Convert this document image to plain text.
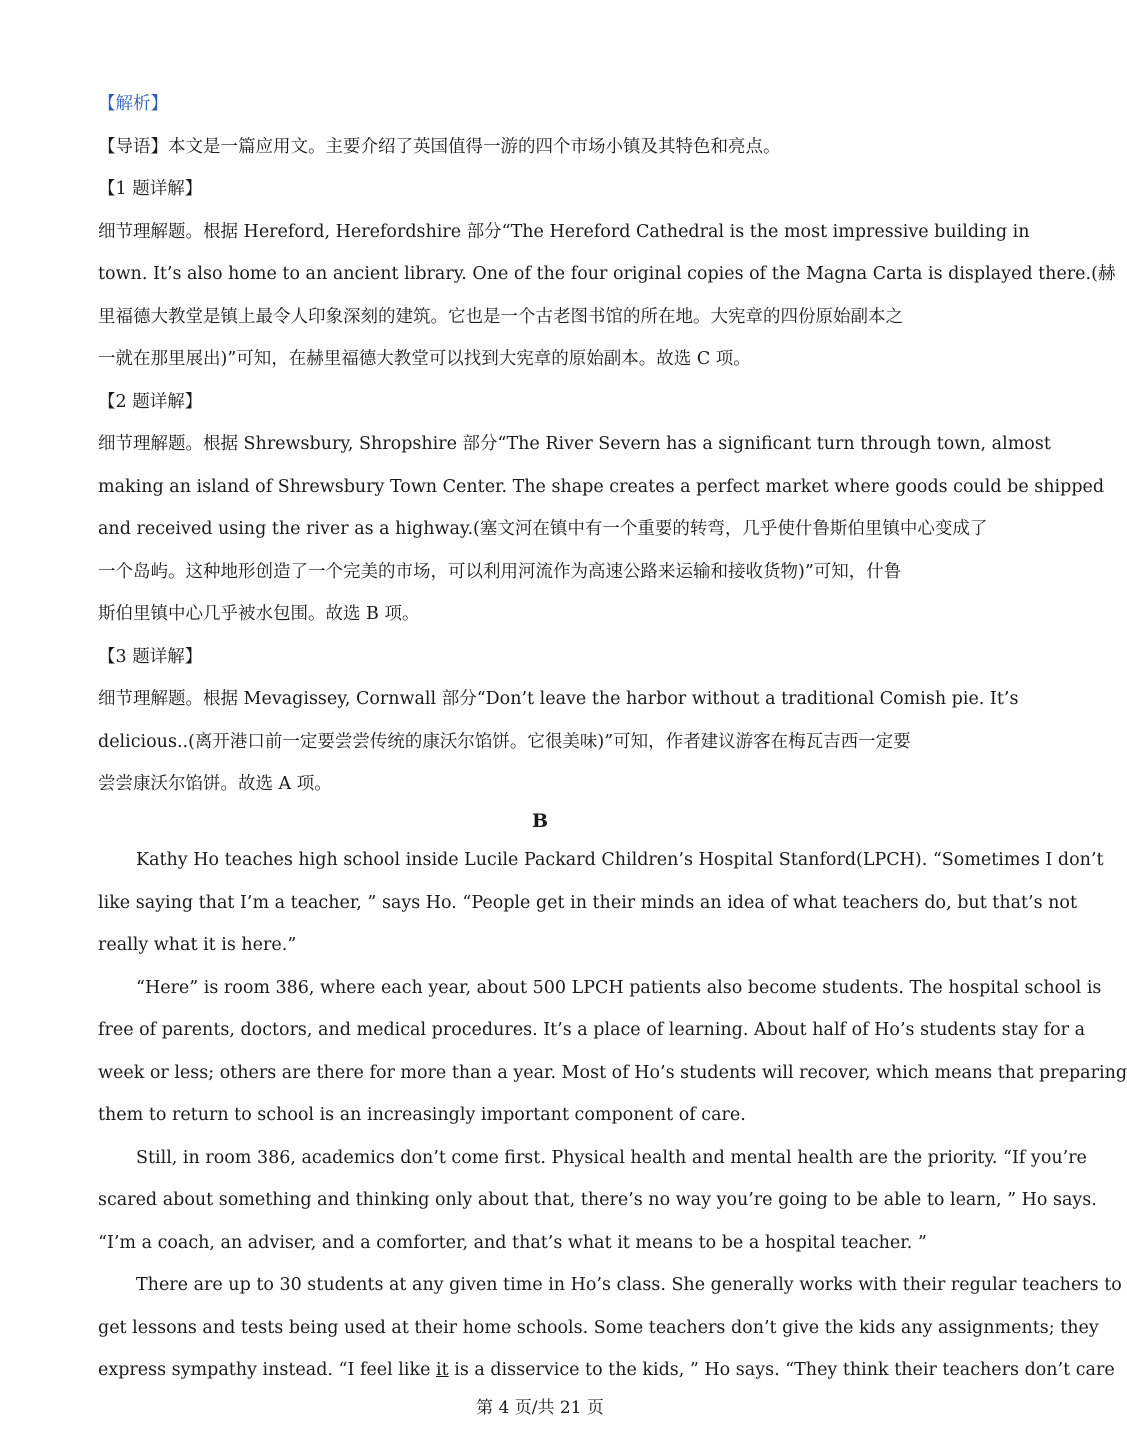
【解析】
【导语】本文是一篇应用文。主要介绍了英国值得一游的四个市场小镇及其特色和亮点。
【1 题详解】
细节理解题。根据 Hereford, Herefordshire 部分“The Hereford Cathedral is the most impressive building in
town. It’s also home to an ancient library. One of the four original copies of the Magna Carta is displayed there.(赫
里福德大教堂是镇上最令人印象深刻的建筑。它也是一个古老图书馆的所在地。大宪章的四份原始副本之
一就在那里展出)”可知，在赫里福德大教堂可以找到大宪章的原始副本。故选 C 项。
【2 题详解】
细节理解题。根据 Shrewsbury, Shropshire 部分“The River Severn has a significant turn through town, almost
making an island of Shrewsbury Town Center. The shape creates a perfect market where goods could be shipped
and received using the river as a highway.(塞文河在镇中有一个重要的转弯，几乎使什鲁斯伯里镇中心变成了
一个岛屿。这种地形创造了一个完美的市场，可以利用河流作为高速公路来运输和接收货物)”可知，什鲁
斯伯里镇中心几乎被水包围。故选 B 项。
【3 题详解】
细节理解题。根据 Mevagissey, Cornwall 部分“Don’t leave the harbor without a traditional Comish pie. It’s
delicious..(离开港口前一定要尝尝传统的康沃尔馅饼。它很美味)”可知，作者建议游客在梅瓦吉西一定要
尝尝康沃尔馅饼。故选 A 项。
B
Kathy Ho teaches high school inside Lucile Packard Children’s Hospital Stanford(LPCH). “Sometimes I don’t
like saying that I’m a teacher, ” says Ho. “People get in their minds an idea of what teachers do, but that’s not
really what it is here.”
“Here” is room 386, where each year, about 500 LPCH patients also become students. The hospital school is
free of parents, doctors, and medical procedures. It’s a place of learning. About half of Ho’s students stay for a
week or less; others are there for more than a year. Most of Ho’s students will recover, which means that preparing
them to return to school is an increasingly important component of care.
Still, in room 386, academics don’t come first. Physical health and mental health are the priority. “If you’re
scared about something and thinking only about that, there’s no way you’re going to be able to learn, ” Ho says.
“I’m a coach, an adviser, and a comforter, and that’s what it means to be a hospital teacher. ”
There are up to 30 students at any given time in Ho’s class. She generally works with their regular teachers to
get lessons and tests being used at their home schools. Some teachers don’t give the kids any assignments; they
express sympathy instead. “I feel like it is a disservice to the kids, ” Ho says. “They think their teachers don’t care
第 4 页/共 21 页
